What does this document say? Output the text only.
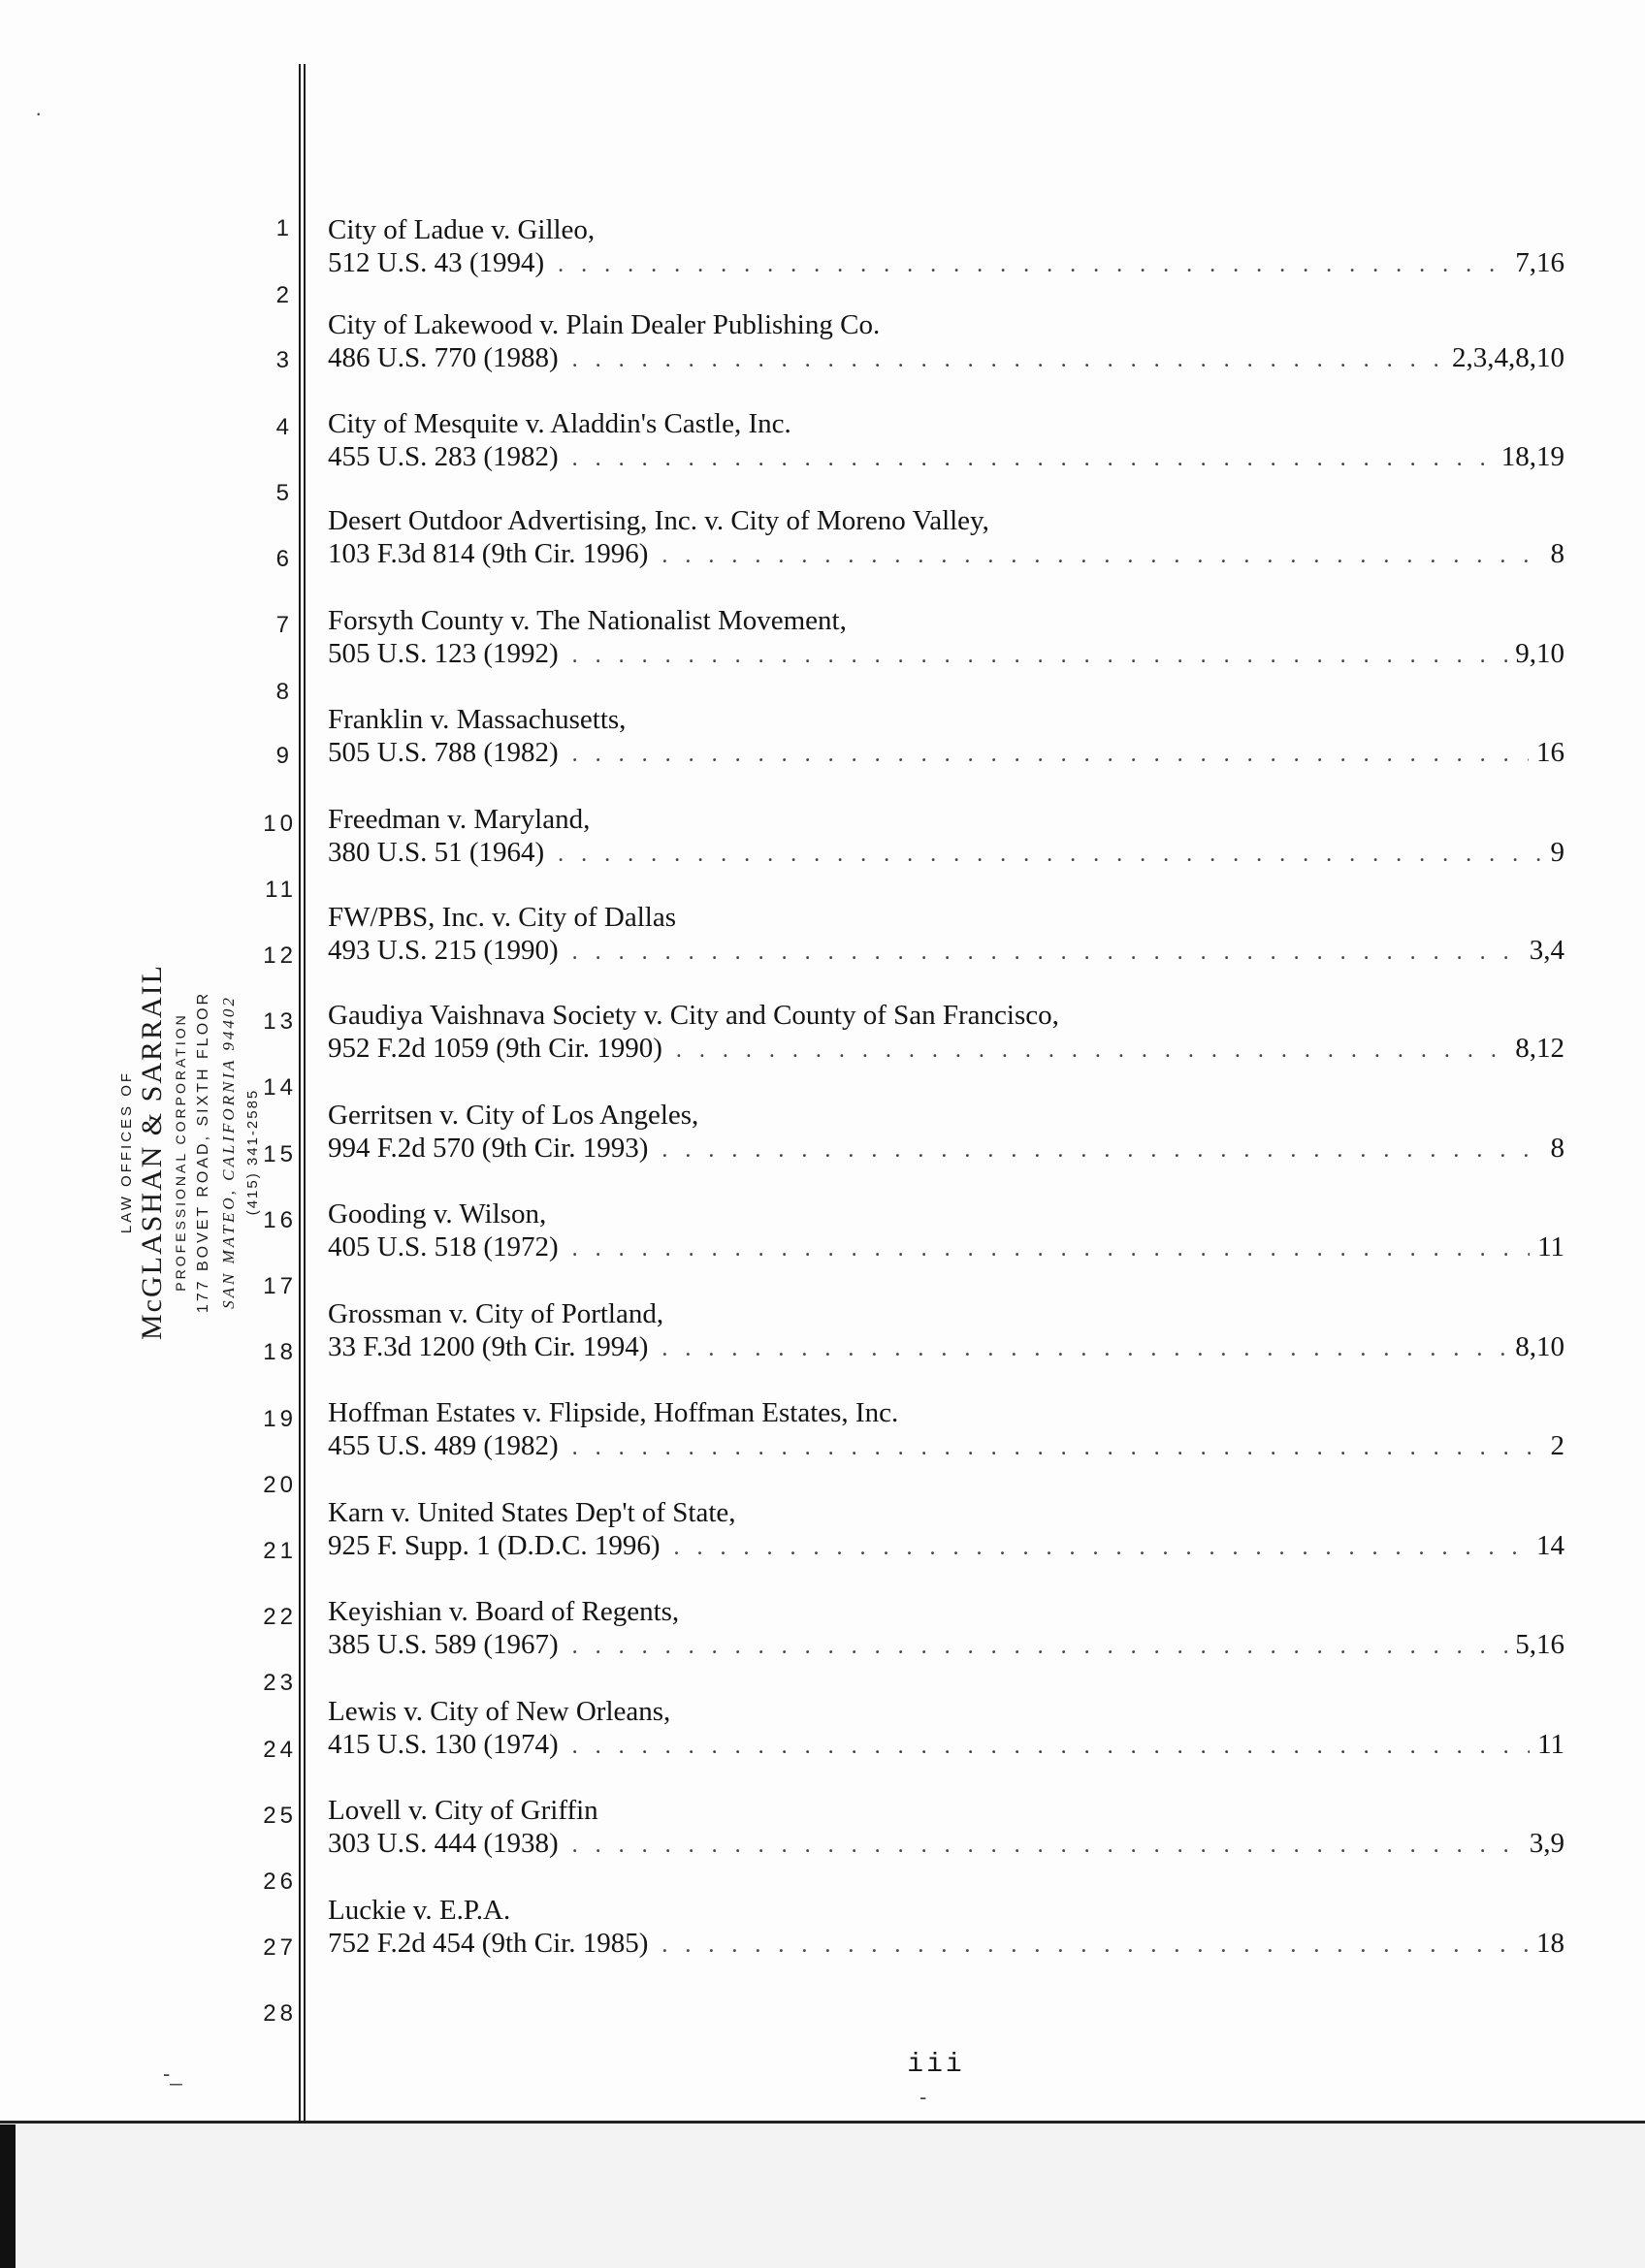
·
-_
-
LAW OFFICES OF McGLASHAN & SARRAIL PROFESSIONAL CORPORATION 177 BOVET ROAD, SIXTH FLOOR SAN MATEO, CALIFORNIA 94402 (415) 341-2585
1
2
3
4
5
6
7
8
9
10
11
12
13
14
15
16
17
18
19
20
21
22
23
24
25
26
27
28
City of Ladue v. Gilleo,
512 U.S. 43 (1994) . . .	7,16
City of Lakewood v. Plain Dealer Publishing Co.
486 U.S. 770 (1988) . . .	2,3,4,8,10
City of Mesquite v. Aladdin's Castle, Inc.
455 U.S. 283 (1982) . . .	18,19
Desert Outdoor Advertising, Inc. v. City of Moreno Valley,
103 F.3d 814 (9th Cir. 1996) . . .	8
Forsyth County v. The Nationalist Movement,
505 U.S. 123 (1992) . . .	9,10
Franklin v. Massachusetts,
505 U.S. 788 (1982) . . .	16
Freedman v. Maryland,
380 U.S. 51 (1964) . . .	9
FW/PBS, Inc. v. City of Dallas
493 U.S. 215 (1990) . . .	3,4
Gaudiya Vaishnava Society v. City and County of San Francisco,
952 F.2d 1059 (9th Cir. 1990) . . .	8,12
Gerritsen v. City of Los Angeles,
994 F.2d 570 (9th Cir. 1993) . . .	8
Gooding v. Wilson,
405 U.S. 518 (1972) . . .	11
Grossman v. City of Portland,
33 F.3d 1200 (9th Cir. 1994) . . .	8,10
Hoffman Estates v. Flipside, Hoffman Estates, Inc.
455 U.S. 489 (1982) . . .	2
Karn v. United States Dep't of State,
925 F. Supp. 1 (D.D.C. 1996) . . .	14
Keyishian v. Board of Regents,
385 U.S. 589 (1967) . . .	5,16
Lewis v. City of New Orleans,
415 U.S. 130 (1974) . . .	11
Lovell v. City of Griffin
303 U.S. 444 (1938) . . .	3,9
Luckie v. E.P.A.
752 F.2d 454 (9th Cir. 1985) . . .	18
iii
